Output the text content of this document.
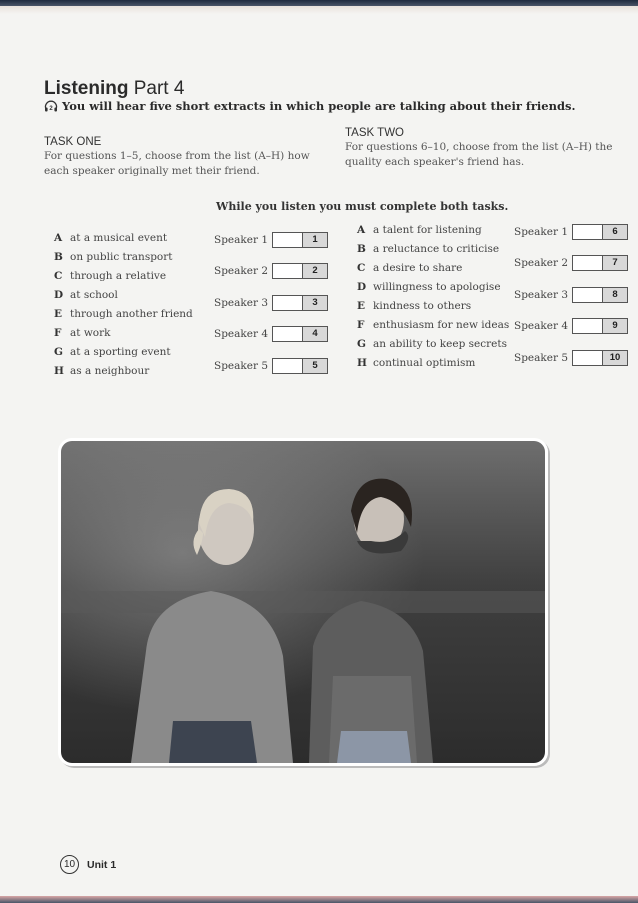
Listening Part 4
2 You will hear five short extracts in which people are talking about their friends.
TASK ONE
For questions 1–5, choose from the list (A–H) how each speaker originally met their friend.
TASK TWO
For questions 6–10, choose from the list (A–H) the quality each speaker's friend has.
While you listen you must complete both tasks.
A at a musical event
B on public transport
C through a relative
D at school
E through another friend
F at work
G at a sporting event
H as a neighbour
Speaker 1	1
Speaker 2	2
Speaker 3	3
Speaker 4	4
Speaker 5	5
A a talent for listening
B a reluctance to criticise
C a desire to share
D willingness to apologise
E kindness to others
F enthusiasm for new ideas
G an ability to keep secrets
H continual optimism
Speaker 1	6
Speaker 2	7
Speaker 3	8
Speaker 4	9
Speaker 5	10
10	Unit 1
